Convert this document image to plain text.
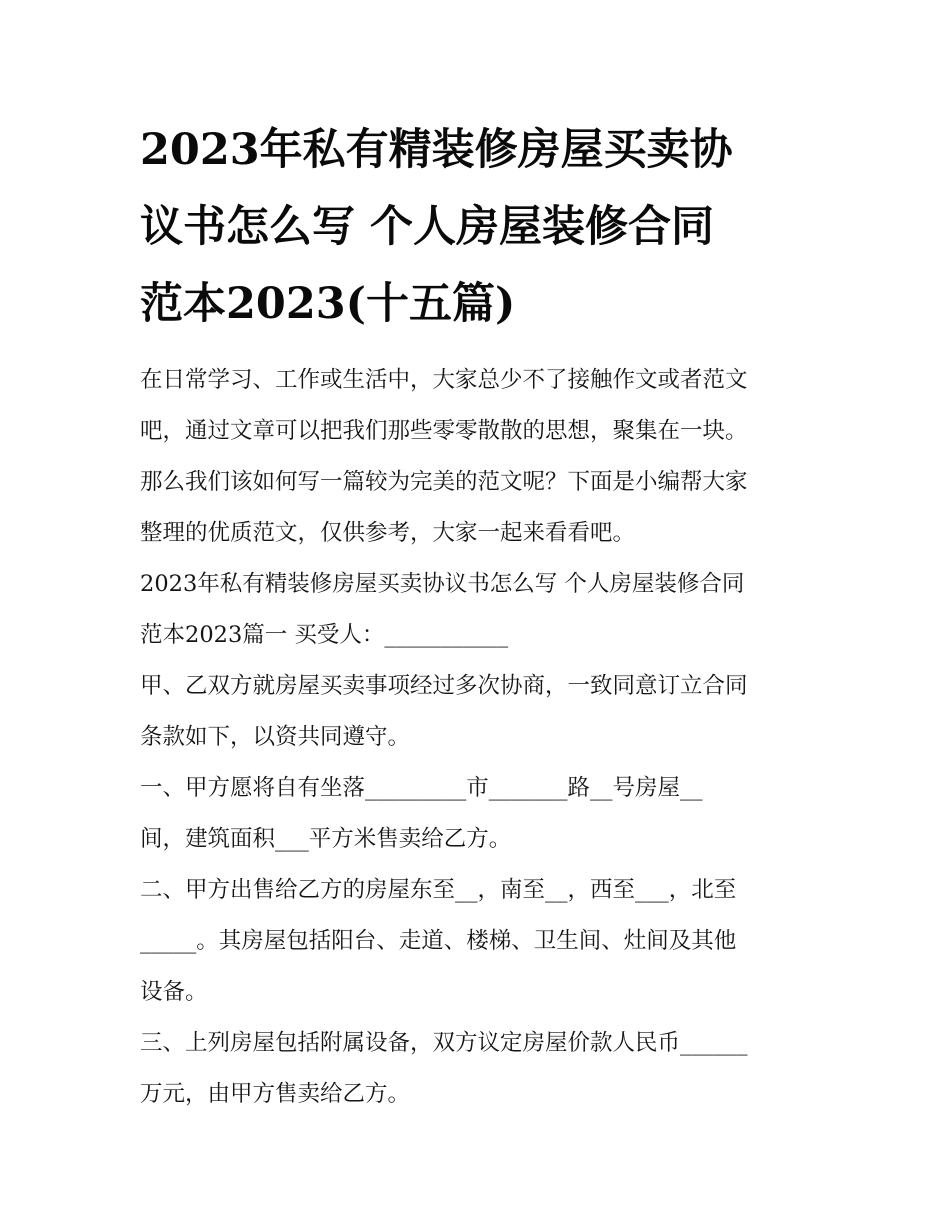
2023年私有精装修房屋买卖协
议书怎么写 个人房屋装修合同
范本2023(十五篇)

在日常学习、工作或生活中，大家总少不了接触作文或者范文
吧，通过文章可以把我们那些零零散散的思想，聚集在一块。
那么我们该如何写一篇较为完美的范文呢？下面是小编帮大家
整理的优质范文，仅供参考，大家一起来看看吧。

2023年私有精装修房屋买卖协议书怎么写 个人房屋装修合同
范本2023篇一 买受人：___________

甲、乙双方就房屋买卖事项经过多次协商，一致同意订立合同
条款如下，以资共同遵守。

一、甲方愿将自有坐落_________市_______路__号房屋__
间，建筑面积___平方米售卖给乙方。

二、甲方出售给乙方的房屋东至__，南至__，西至___，北至
_____。其房屋包括阳台、走道、楼梯、卫生间、灶间及其他
设备。

三、上列房屋包括附属设备，双方议定房屋价款人民币______
万元，由甲方售卖给乙方。
